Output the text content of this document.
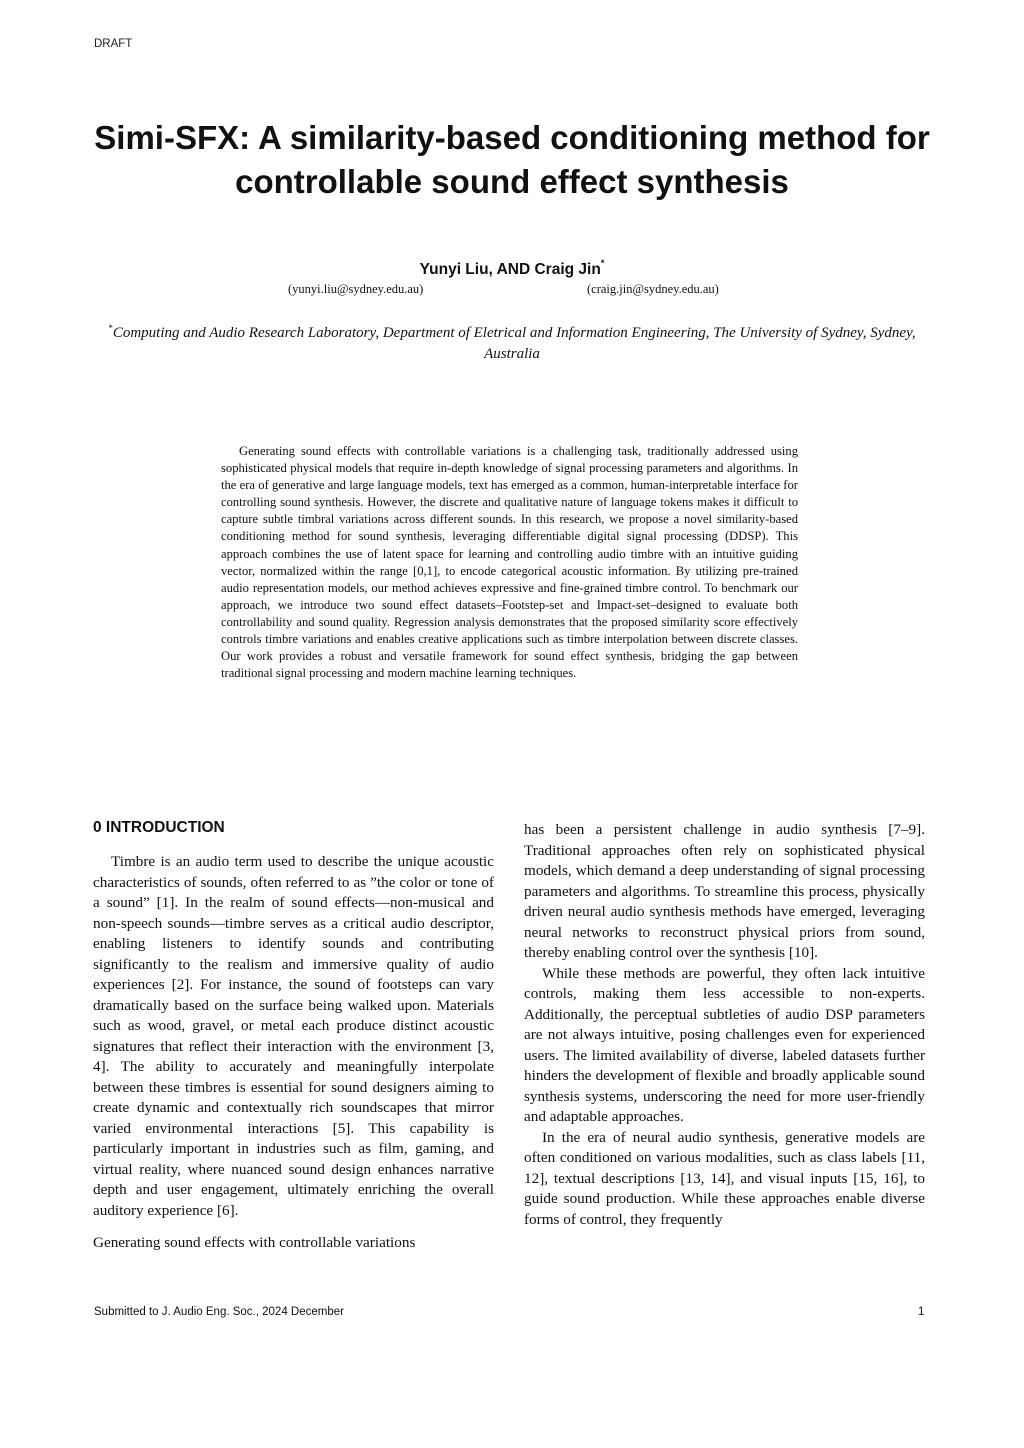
DRAFT
Simi-SFX: A similarity-based conditioning method for controllable sound effect synthesis
Yunyi Liu, AND Craig Jin*
(yunyi.liu@sydney.edu.au)	(craig.jin@sydney.edu.au)
*Computing and Audio Research Laboratory, Department of Eletrical and Information Engineering, The University of Sydney, Sydney, Australia

Generating sound effects with controllable variations is a challenging task, traditionally addressed using sophisticated physical models that require in-depth knowledge of signal processing parameters and algorithms. In the era of generative and large language models, text has emerged as a common, human-interpretable interface for controlling sound synthesis. However, the discrete and qualitative nature of language tokens makes it difficult to capture subtle timbral variations across different sounds. In this research, we propose a novel similarity-based conditioning method for sound synthesis, leveraging differentiable digital signal processing (DDSP). This approach combines the use of latent space for learning and controlling audio timbre with an intuitive guiding vector, normalized within the range [0,1], to encode categorical acoustic information. By utilizing pre-trained audio representation models, our method achieves expressive and fine-grained timbre control. To benchmark our approach, we introduce two sound effect datasets–Footstep-set and Impact-set–designed to evaluate both controllability and sound quality. Regression analysis demonstrates that the proposed similarity score effectively controls timbre variations and enables creative applications such as timbre interpolation between discrete classes. Our work provides a robust and versatile framework for sound effect synthesis, bridging the gap between traditional signal processing and modern machine learning techniques.

0 INTRODUCTION

Timbre is an audio term used to describe the unique acoustic characteristics of sounds, often referred to as ”the color or tone of a sound” [1]. In the realm of sound effects—non-musical and non-speech sounds—timbre serves as a critical audio descriptor, enabling listeners to identify sounds and contributing significantly to the realism and immersive quality of audio experiences [2]. For instance, the sound of footsteps can vary dramatically based on the surface being walked upon. Materials such as wood, gravel, or metal each produce distinct acoustic signatures that reflect their interaction with the environment [3, 4]. The ability to accurately and meaningfully interpolate between these timbres is essential for sound designers aiming to create dynamic and contextually rich soundscapes that mirror varied environmental interactions [5]. This capability is particularly important in industries such as film, gaming, and virtual reality, where nuanced sound design enhances narrative depth and user engagement, ultimately enriching the overall auditory experience [6].

Generating sound effects with controllable variations

has been a persistent challenge in audio synthesis [7–9]. Traditional approaches often rely on sophisticated physical models, which demand a deep understanding of signal processing parameters and algorithms. To streamline this process, physically driven neural audio synthesis methods have emerged, leveraging neural networks to reconstruct physical priors from sound, thereby enabling control over the synthesis [10].

While these methods are powerful, they often lack intuitive controls, making them less accessible to non-experts. Additionally, the perceptual subtleties of audio DSP parameters are not always intuitive, posing challenges even for experienced users. The limited availability of diverse, labeled datasets further hinders the development of flexible and broadly applicable sound synthesis systems, underscoring the need for more user-friendly and adaptable approaches.

In the era of neural audio synthesis, generative models are often conditioned on various modalities, such as class labels [11, 12], textual descriptions [13, 14], and visual inputs [15, 16], to guide sound production. While these approaches enable diverse forms of control, they frequently

Submitted to J. Audio Eng. Soc., 2024 December	1
